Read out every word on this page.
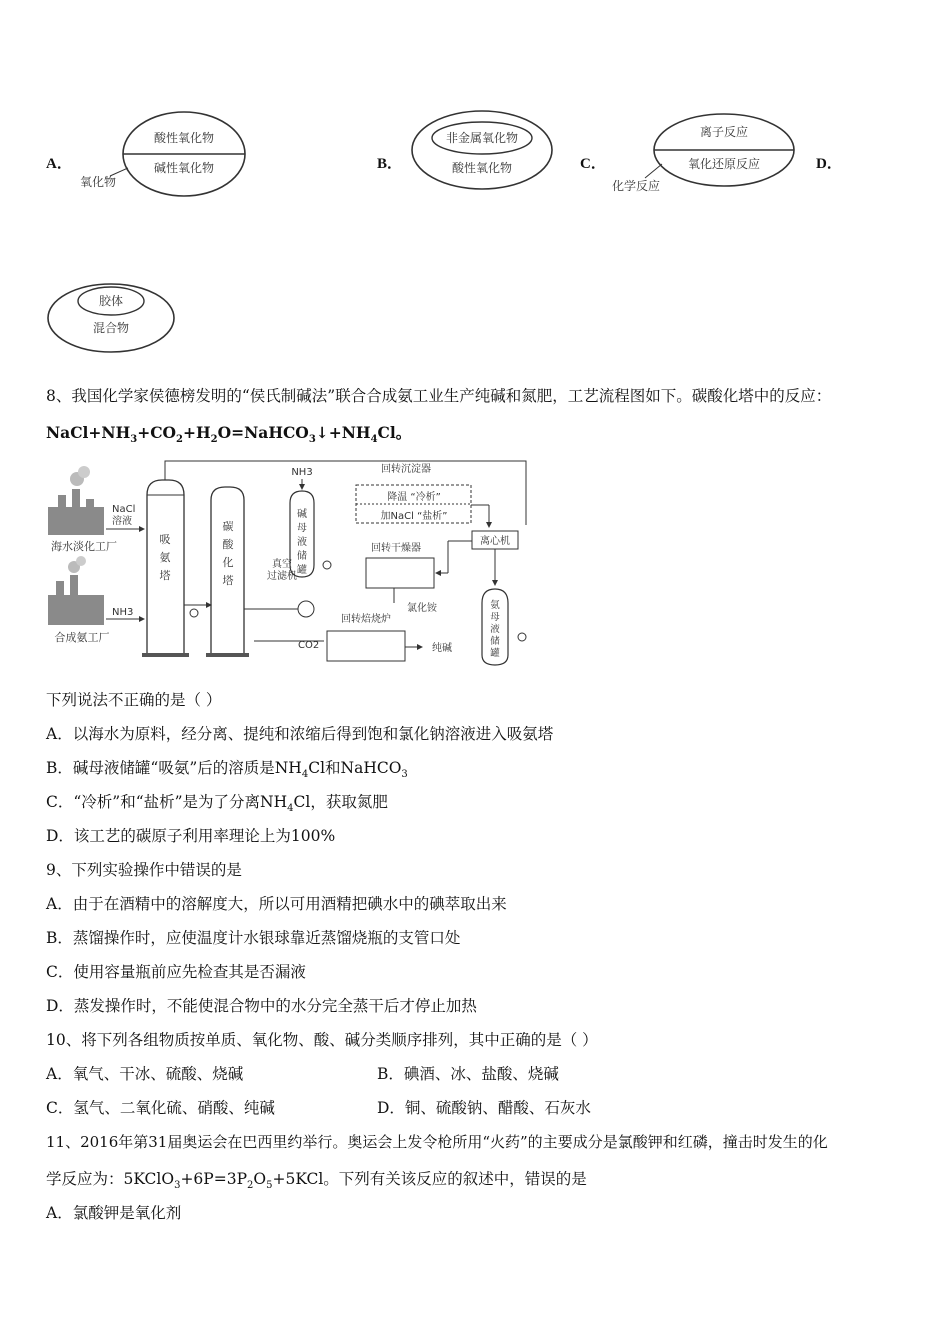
A．
酸性氧化物
碱性氧化物
氧化物
B．
非金属氧化物
酸性氧化物	C．
离子反应
氧化还原反应
化学反应
D．
胶体
混合物
8、我国化学家侯德榜发明的“侯氏制碱法”联合合成氨工业生产纯碱和氮肥，工艺流程图如下。碳酸化塔中的反应：
$NaCl+NH_3+CO_2+H_2O=NaHCO_3↓+NH_4Cl$。
海水淡化工厂
合成氨工厂
NaCl
溶液
NH3
吸
氨
塔
碳
酸
化
塔
真空
过滤机
CO2
NH3
碱
母
液
储
罐
回转沉淀器
降温 “冷析”
加NaCl “盐析”
离心机
回转干燥器
氯化铵
回转焙烧炉
纯碱
氨
母
液
储
罐
下列说法不正确的是（ ）
A．以海水为原料，经分离、提纯和浓缩后得到饱和氯化钠溶液进入吸氨塔
B．碱母液储罐“吸氨”后的溶质是$NH_4Cl$和NaHCO$_3$
C．“冷析”和“盐析”是为了分离$NH_4Cl$，获取氮肥
D．该工艺的碳原子利用率理论上为100%
9、下列实验操作中错误的是
A．由于在酒精中的溶解度大，所以可用酒精把碘水中的碘萃取出来
B．蒸馏操作时，应使温度计水银球靠近蒸馏烧瓶的支管口处
C．使用容量瓶前应先检查其是否漏液
D．蒸发操作时，不能使混合物中的水分完全蒸干后才停止加热
10、将下列各组物质按单质、氧化物、酸、碱分类顺序排列，其中正确的是（ ）
A．氧气、干冰、硫酸、烧碱	B．碘酒、冰、盐酸、烧碱
C．氢气、二氧化硫、硝酸、纯碱	D．铜、硫酸钠、醋酸、石灰水
11、2016年第31届奥运会在巴西里约举行。奥运会上发令枪所用“火药”的主要成分是氯酸钾和红磷，撞击时发生的化
学反应为：$5KClO_3+6P=3P_2O_5+5KCl$。下列有关该反应的叙述中，错误的是
A．氯酸钾是氧化剂
